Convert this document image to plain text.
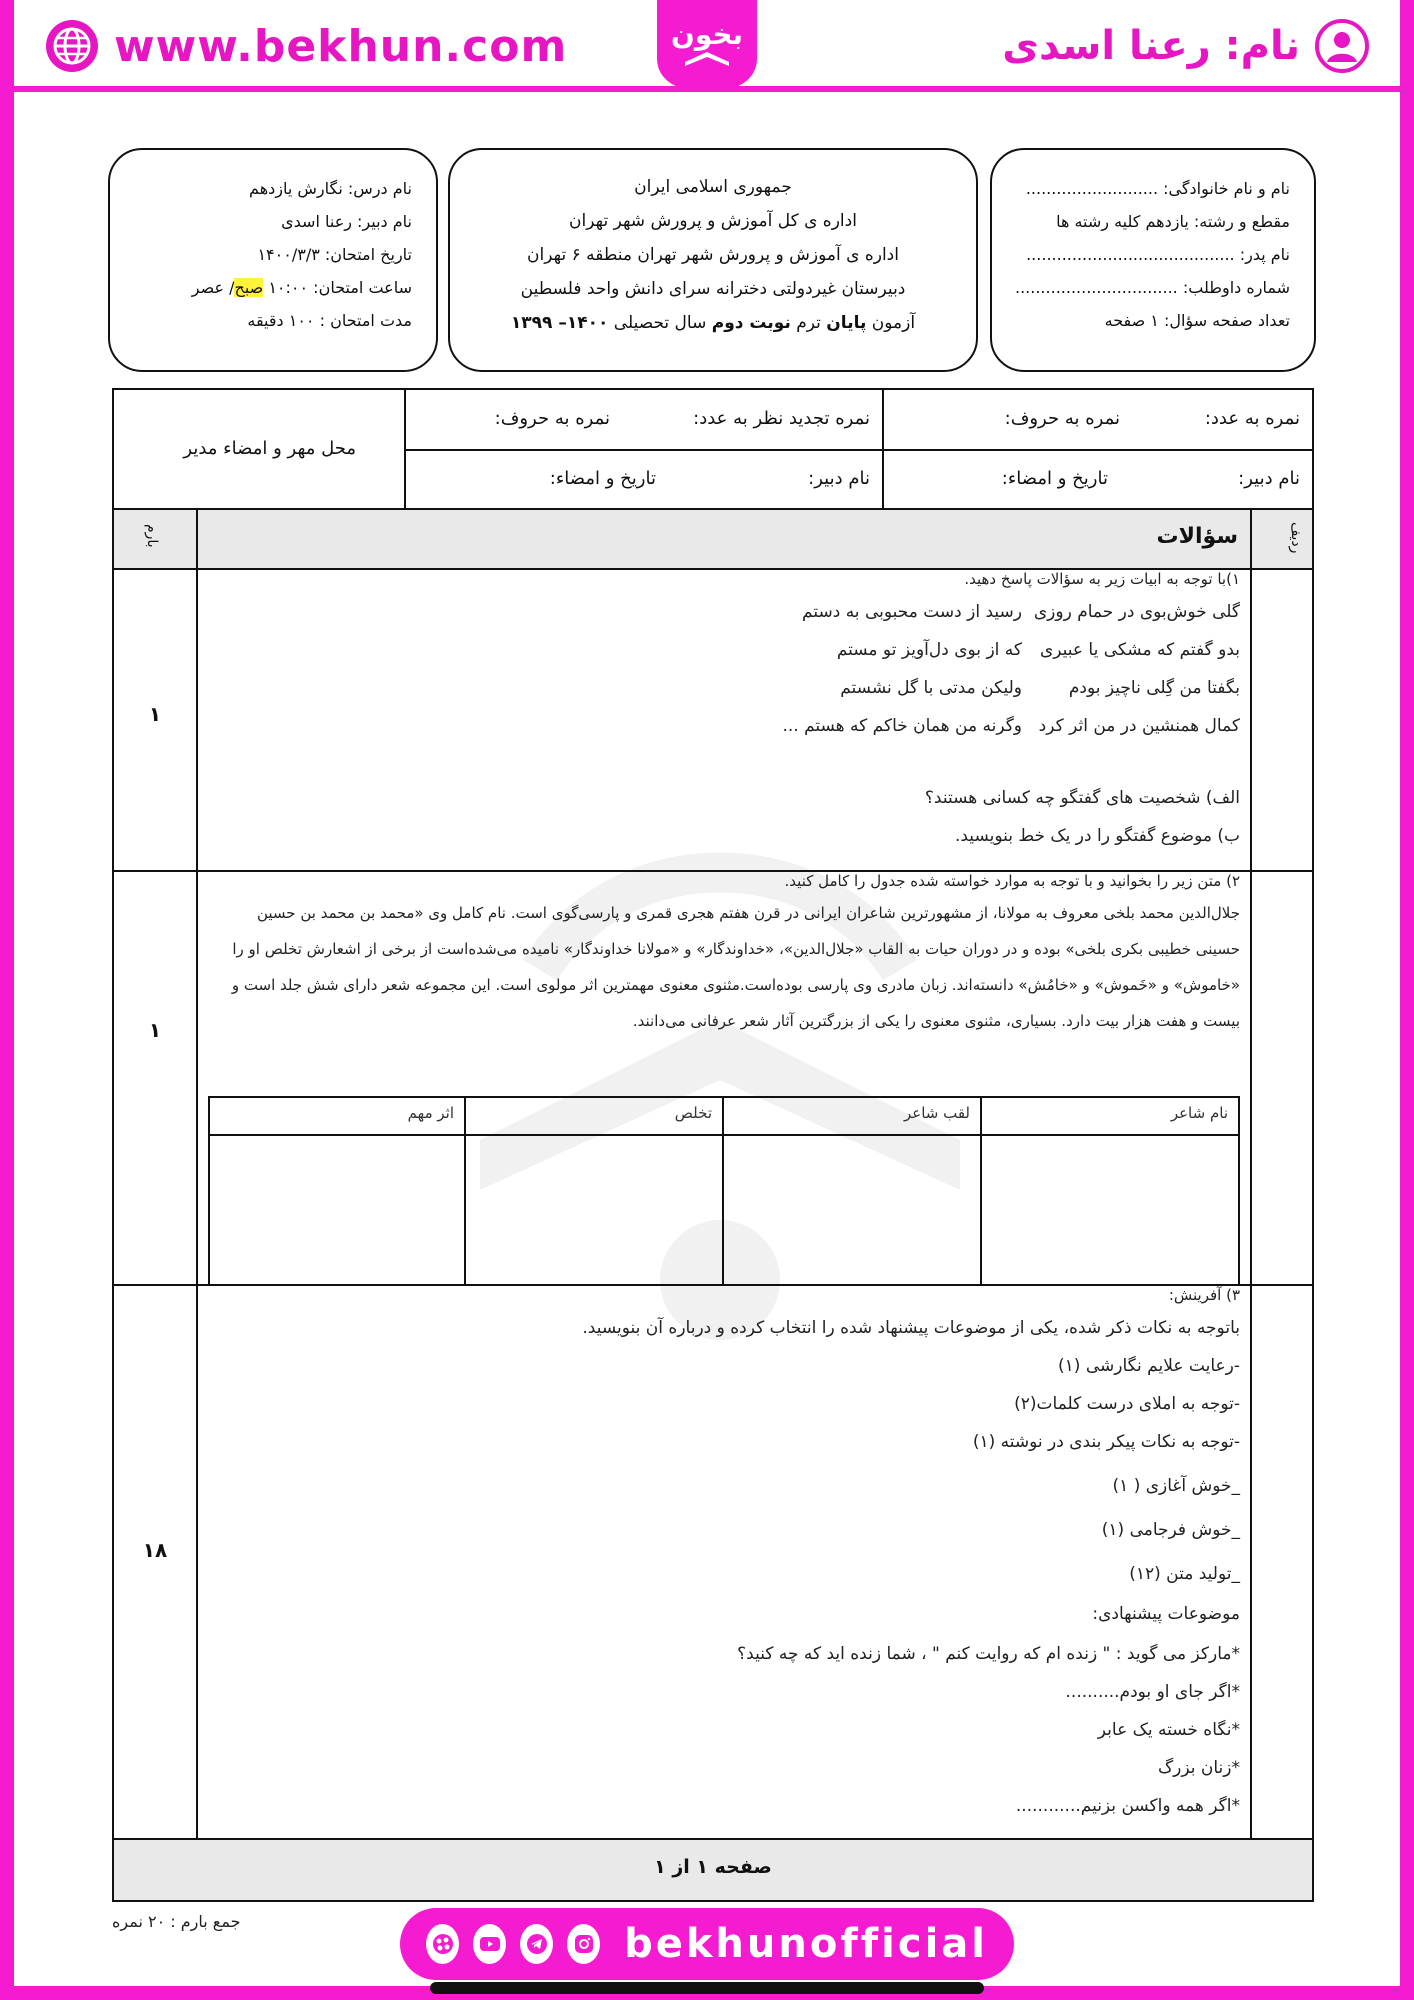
www.bekhun.com	نام: رعنا اسدی
بخون
نام و نام خانوادگی: ..........................
مقطع و رشته: یازدهم کلیه رشته ها
نام پدر: .........................................
شماره داوطلب: ................................
تعداد صفحه سؤال: ۱ صفحه
جمهوری اسلامی ایران
اداره ی کل آموزش و پرورش شهر تهران
اداره ی آموزش و پرورش شهر تهران منطقه ۶ تهران
دبیرستان غیردولتی دخترانه سرای دانش واحد فلسطین
آزمون پایان ترم نوبت دوم سال تحصیلی ۱۴۰۰– ۱۳۹۹
نام درس: نگارش یازدهم
نام دبیر: رعنا اسدی
تاریخ امتحان: ۱۴۰۰/۳/۳
ساعت امتحان: ۱۰:۰۰ صبح/ عصر
مدت امتحان : ۱۰۰ دقیقه
نمره به عدد:
نمره به حروف:
نمره تجدید نظر به عدد:
نمره به حروف:
نام دبیر:
تاریخ و امضاء:
نام دبیر:
تاریخ و امضاء:
محل مهر و امضاء مدیر
ردیف
سؤالات
بارم
۱)با توجه به ابیات زیر به سؤالات پاسخ دهید.
گلی خوش‌بوی در حمام روزی
رسید از دست محبوبی به دستم
بدو گفتم که مشکی یا عبیری
که از بوی دل‌آویز تو مستم
بگفتا من گِلی ناچیز بودم
ولیکن مدتی با گل نشستم
کمال همنشین در من اثر کرد
وگرنه من همان خاکم که هستم ...
الف) شخصیت های گفتگو چه کسانی هستند؟
ب) موضوع گفتگو را در یک خط بنویسید.
۱
۲) متن زیر را بخوانید و با توجه به موارد خواسته شده جدول را کامل کنید.
جلال‌الدین محمد بلخی معروف به مولانا، از مشهورترین شاعران ایرانی در قرن هفتم هجری قمری و پارسی‌گوی است. نام کامل وی «محمد بن محمد بن حسین
حسینی خطیبی بکری بلخی» بوده و در دوران حیات به القاب «جلال‌الدین»، «خداوندگار» و «مولانا خداوندگار» نامیده می‌شده‌است از برخی از اشعارش تخلص او را
«خاموش» و «خَموش» و «خامُش» دانسته‌اند. زبان مادری وی پارسی بوده‌است.مثنوی معنوی مهمترین اثر مولوی است. این مجموعه شعر دارای شش جلد است و
بیست و هفت هزار بیت دارد. بسیاری، مثنوی معنوی را یکی از بزرگترین آثار شعر عرفانی می‌دانند.
نام شاعر
لقب شاعر
تخلص
اثر مهم
۱
۳) آفرینش:
باتوجه به نکات ذکر شده، یکی از موضوعات پیشنهاد شده را انتخاب کرده و درباره آن بنویسید.
-رعایت علایم نگارشی (۱)
-توجه به املای درست کلمات(۲)
-توجه به نکات پیکر بندی در نوشته (۱)
_خوش آغازی ( ۱)
_خوش فرجامی (۱)
_تولید متن (۱۲)
موضوعات پیشنهادی:
*مارکز می گوید : " زنده ام که روایت کنم " ، شما زنده اید که چه کنید؟
*اگر جای او بودم..........
*نگاه خسته یک عابر
*زنان بزرگ
*اگر همه واکسن بزنیم............
۱۸
صفحه ۱ از ۱
جمع بارم : ۲۰ نمره	bekhunofficial
